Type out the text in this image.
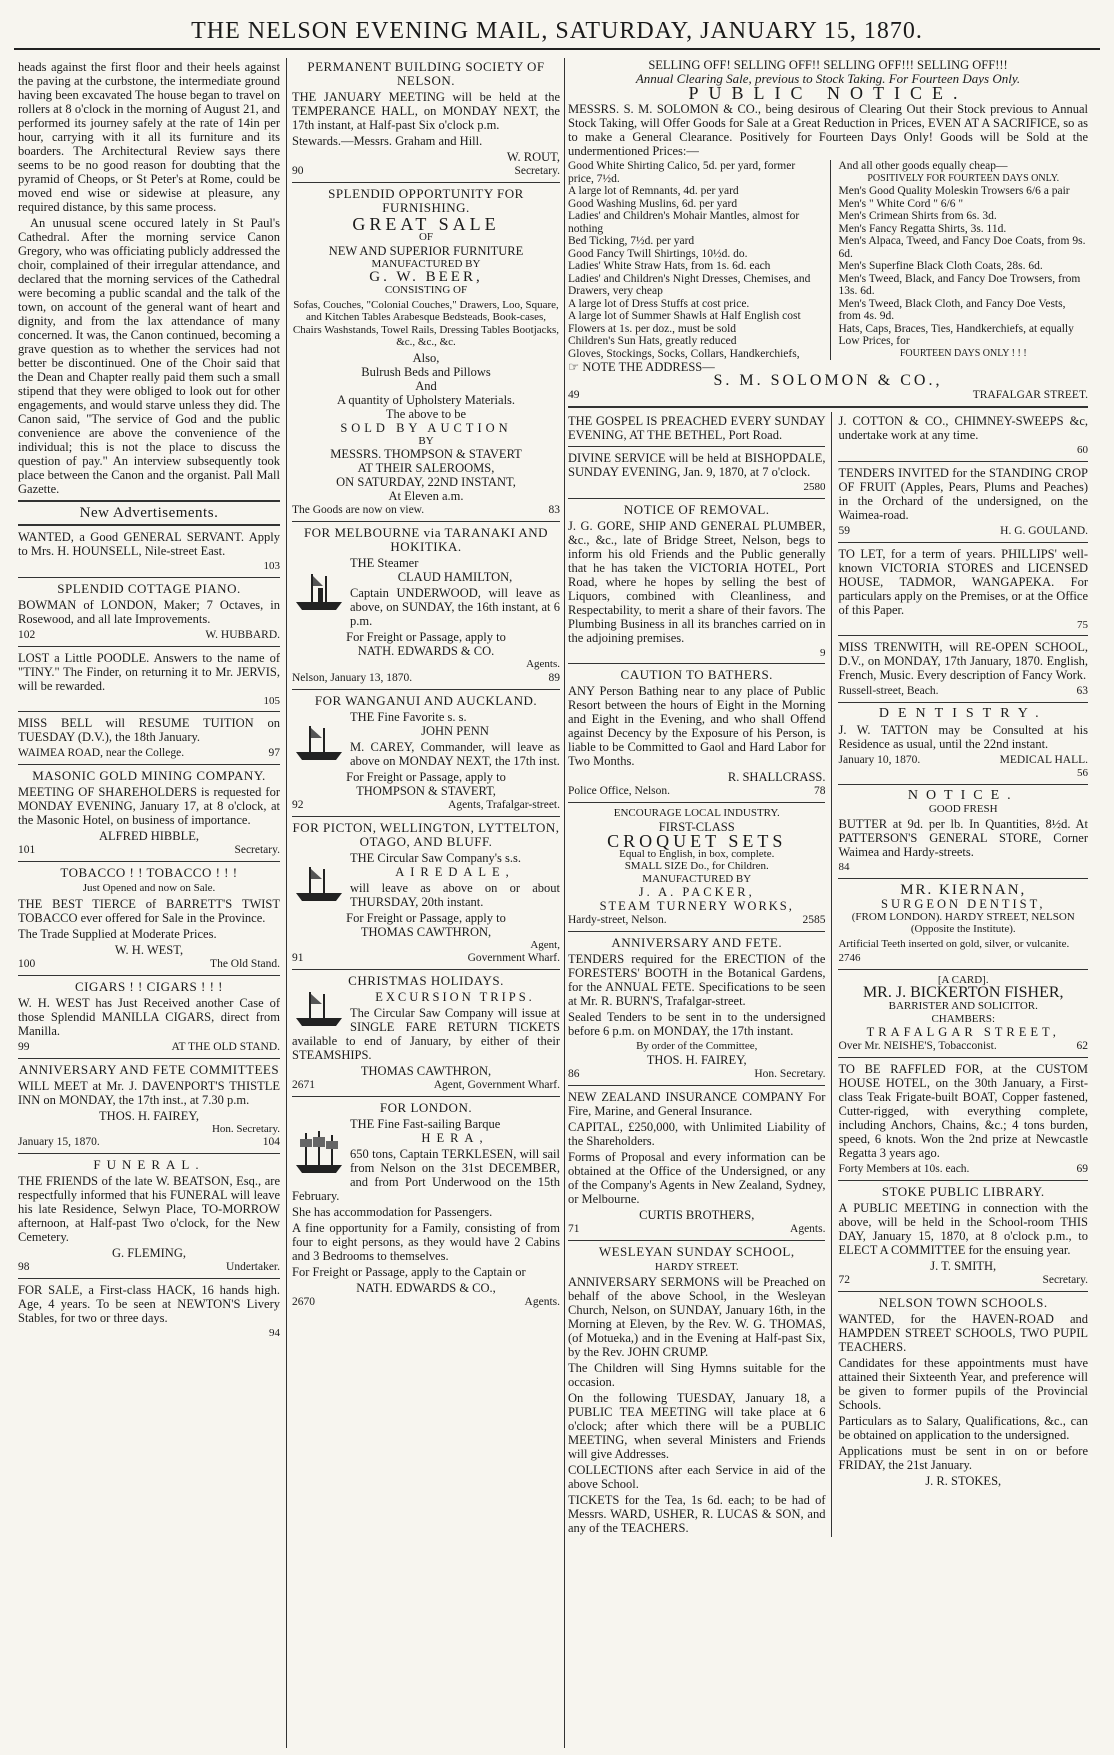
THE NELSON EVENING MAIL, SATURDAY, JANUARY 15, 1870.

heads against the first floor and their heels against the paving at the curbstone, the intermediate ground having been excavated The house began to travel on rollers at 8 o'clock in the morning of August 21, and performed its journey safely at the rate of 14in per hour, carrying with it all its furniture and its boarders. The Architectural Review says there seems to be no good reason for doubting that the pyramid of Cheops, or St Peter's at Rome, could be moved end wise or sidewise at pleasure, any required distance, by this same process.

An unusual scene occured lately in St Paul's Cathedral. After the morning service Canon Gregory, who was officiating publicly addressed the choir, complained of their irregular attendance, and declared that the morning services of the Cathedral were becoming a public scandal and the talk of the town, on account of the general want of heart and dignity, and from the lax attendance of many concerned. It was, the Canon continued, becoming a grave question as to whether the services had not better be discontinued. One of the Choir said that the Dean and Chapter really paid them such a small stipend that they were obliged to look out for other engagements, and would starve unless they did. The Canon said, "The service of God and the public convenience are above the convenience of the individual; this is not the place to discuss the question of pay." An interview subsequently took place between the Canon and the organist. Pall Mall Gazette.

New Advertisements.

WANTED, a Good GENERAL SERVANT. Apply to Mrs. H. HOUNSELL, Nile-street East.

103
SPLENDID COTTAGE PIANO.

BOWMAN of LONDON, Maker; 7 Octaves, in Rosewood, and all late Improvements.

102	W. HUBBARD.

LOST a Little POODLE. Answers to the name of "TINY." The Finder, on returning it to Mr. JERVIS, will be rewarded.

105

MISS BELL will RESUME TUITION on TUESDAY (D.V.), the 18th January.

WAIMEA ROAD, near the College.	97
MASONIC GOLD MINING COMPANY.

MEETING OF SHAREHOLDERS is requested for MONDAY EVENING, January 17, at 8 o'clock, at the Masonic Hotel, on business of importance.

ALFRED HIBBLE,
101	Secretary.
TOBACCO ! ! TOBACCO ! ! !
Just Opened and now on Sale.

THE BEST TIERCE of BARRETT'S TWIST TOBACCO ever offered for Sale in the Province.

The Trade Supplied at Moderate Prices.

W. H. WEST,
100	The Old Stand.
CIGARS ! ! CIGARS ! ! !

W. H. WEST has Just Received another Case of those Splendid MANILLA CIGARS, direct from Manilla.

99	AT THE OLD STAND.
ANNIVERSARY AND FETE COMMITTEES

WILL MEET at Mr. J. DAVENPORT'S THISTLE INN on MONDAY, the 17th inst., at 7.30 p.m.

THOS. H. FAIREY,
Hon. Secretary.
January 15, 1870.	104
FUNERAL.

THE FRIENDS of the late W. BEATSON, Esq., are respectfully informed that his FUNERAL will leave his late Residence, Selwyn Place, TO-MORROW afternoon, at Half-past Two o'clock, for the New Cemetery.

G. FLEMING,
98	Undertaker.

FOR SALE, a First-class HACK, 16 hands high. Age, 4 years. To be seen at NEWTON'S Livery Stables, for two or three days.

94
PERMANENT BUILDING SOCIETY OF NELSON.

THE JANUARY MEETING will be held at the TEMPERANCE HALL, on MONDAY NEXT, the 17th instant, at Half-past Six o'clock p.m.

Stewards.—Messrs. Graham and Hill.

W. ROUT,
90	Secretary.
SPLENDID OPPORTUNITY FOR FURNISHING.
GREAT SALE
OF
NEW AND SUPERIOR FURNITURE
MANUFACTURED BY
G. W. BEER,
CONSISTING OF

Sofas, Couches, "Colonial Couches," Drawers, Loo, Square, and Kitchen Tables Arabesque Bedsteads, Book-cases, Chairs Washstands, Towel Rails, Dressing Tables Bootjacks, &c., &c., &c.

Also,
Bulrush Beds and Pillows
And
A quantity of Upholstery Materials.
The above to be
SOLD BY AUCTION
BY
MESSRS. THOMPSON & STAVERT
AT THEIR SALEROOMS,
ON SATURDAY, 22ND INSTANT,
At Eleven a.m.
The Goods are now on view.	83
FOR MELBOURNE via TARANAKI AND HOKITIKA.
THE Steamer
CLAUD HAMILTON,

Captain UNDERWOOD, will leave as above, on SUNDAY, the 16th instant, at 6 p.m.

For Freight or Passage, apply to
NATH. EDWARDS & CO.
Agents.
Nelson, January 13, 1870.	89
FOR WANGANUI AND AUCKLAND.
THE Fine Favorite s. s.
JOHN PENN

M. CAREY, Commander, will leave as above on MONDAY NEXT, the 17th inst.

For Freight or Passage, apply to
THOMPSON & STAVERT,
92	Agents, Trafalgar-street.
FOR PICTON, WELLINGTON, LYTTELTON, OTAGO, AND BLUFF.
THE Circular Saw Company's s.s.
AIREDALE,

will leave as above on or about THURSDAY, 20th instant.

For Freight or Passage, apply to
THOMAS CAWTHRON,
Agent,
91	Government Wharf.
CHRISTMAS HOLIDAYS.
EXCURSION TRIPS.

The Circular Saw Company will issue at SINGLE FARE RETURN TICKETS available to end of January, by either of their STEAMSHIPS.

THOMAS CAWTHRON,
2671	Agent, Government Wharf.
FOR LONDON.
THE Fine Fast-sailing Barque
HERA,

650 tons, Captain TERKLESEN, will sail from Nelson on the 31st DECEMBER, and from Port Underwood on the 15th February.

She has accommodation for Passengers.

A fine opportunity for a Family, consisting of from four to eight persons, as they would have 2 Cabins and 3 Bedrooms to themselves.

For Freight or Passage, apply to the Captain or

NATH. EDWARDS & CO.,
2670	Agents.
SELLING OFF! SELLING OFF!! SELLING OFF!!! SELLING OFF!!!
Annual Clearing Sale, previous to Stock Taking. For Fourteen Days Only.
PUBLIC NOTICE.

MESSRS. S. M. SOLOMON & CO., being desirous of Clearing Out their Stock previous to Annual Stock Taking, will Offer Goods for Sale at a Great Reduction in Prices, EVEN AT A SACRIFICE, so as to make a General Clearance. Positively for Fourteen Days Only! Goods will be Sold at the undermentioned Prices:—

Good White Shirting Calico, 5d. per yard, former price, 7½d.
A large lot of Remnants, 4d. per yard
Good Washing Muslins, 6d. per yard
Ladies' and Children's Mohair Mantles, almost for nothing
Bed Ticking, 7½d. per yard
Good Fancy Twill Shirtings, 10½d. do.
Ladies' White Straw Hats, from 1s. 6d. each
Ladies' and Children's Night Dresses, Chemises, and Drawers, very cheap
A large lot of Dress Stuffs at cost price.
A large lot of Summer Shawls at Half English cost
Flowers at 1s. per doz., must be sold
Children's Sun Hats, greatly reduced
Gloves, Stockings, Socks, Collars, Handkerchiefs,
And all other goods equally cheap—
POSITIVELY FOR FOURTEEN DAYS ONLY.
Men's Good Quality Moleskin Trowsers 6/6 a pair
Men's " White Cord " 6/6 "
Men's Crimean Shirts from 6s. 3d.
Men's Fancy Regatta Shirts, 3s. 11d.
Men's Alpaca, Tweed, and Fancy Doe Coats, from 9s. 6d.
Men's Superfine Black Cloth Coats, 28s. 6d.
Men's Tweed, Black, and Fancy Doe Trowsers, from 13s. 6d.
Men's Tweed, Black Cloth, and Fancy Doe Vests, from 4s. 9d.
Hats, Caps, Braces, Ties, Handkerchiefs, at equally Low Prices, for
FOURTEEN DAYS ONLY ! ! !
☞ NOTE THE ADDRESS—
S. M. SOLOMON & CO.,
49	TRAFALGAR STREET.

THE GOSPEL IS PREACHED EVERY SUNDAY EVENING, AT THE BETHEL, Port Road.

DIVINE SERVICE will be held at BISHOPDALE, SUNDAY EVENING, Jan. 9, 1870, at 7 o'clock.

2580
NOTICE OF REMOVAL.

J. G. GORE, SHIP AND GENERAL PLUMBER, &c., &c., late of Bridge Street, Nelson, begs to inform his old Friends and the Public generally that he has taken the VICTORIA HOTEL, Port Road, where he hopes by selling the best of Liquors, combined with Cleanliness, and Respectability, to merit a share of their favors. The Plumbing Business in all its branches carried on in the adjoining premises.

9
CAUTION TO BATHERS.

ANY Person Bathing near to any place of Public Resort between the hours of Eight in the Morning and Eight in the Evening, and who shall Offend against Decency by the Exposure of his Person, is liable to be Committed to Gaol and Hard Labor for Two Months.

R. SHALLCRASS.
Police Office, Nelson.	78
ENCOURAGE LOCAL INDUSTRY.
FIRST-CLASS
CROQUET SETS
Equal to English, in box, complete.
SMALL SIZE Do., for Children.
MANUFACTURED BY
J. A. PACKER,
STEAM TURNERY WORKS,
Hardy-street, Nelson.	2585
ANNIVERSARY AND FETE.

TENDERS required for the ERECTION of the FORESTERS' BOOTH in the Botanical Gardens, for the ANNUAL FETE. Specifications to be seen at Mr. R. BURN'S, Trafalgar-street.

Sealed Tenders to be sent in to the undersigned before 6 p.m. on MONDAY, the 17th instant.

By order of the Committee,
THOS. H. FAIREY,
86	Hon. Secretary.

NEW ZEALAND INSURANCE COMPANY For Fire, Marine, and General Insurance.

CAPITAL, £250,000, with Unlimited Liability of the Shareholders.

Forms of Proposal and every information can be obtained at the Office of the Undersigned, or any of the Company's Agents in New Zealand, Sydney, or Melbourne.

CURTIS BROTHERS,
71	Agents.
WESLEYAN SUNDAY SCHOOL,
HARDY STREET.

ANNIVERSARY SERMONS will be Preached on behalf of the above School, in the Wesleyan Church, Nelson, on SUNDAY, January 16th, in the Morning at Eleven, by the Rev. W. G. THOMAS, (of Motueka,) and in the Evening at Half-past Six, by the Rev. JOHN CRUMP.

The Children will Sing Hymns suitable for the occasion.

On the following TUESDAY, January 18, a PUBLIC TEA MEETING will take place at 6 o'clock; after which there will be a PUBLIC MEETING, when several Ministers and Friends will give Addresses.

COLLECTIONS after each Service in aid of the above School.

TICKETS for the Tea, 1s 6d. each; to be had of Messrs. WARD, USHER, R. LUCAS & SON, and any of the TEACHERS.

J. COTTON & CO., CHIMNEY-SWEEPS &c, undertake work at any time.

60

TENDERS INVITED for the STANDING CROP OF FRUIT (Apples, Pears, Plums and Peaches) in the Orchard of the undersigned, on the Waimea-road.

59	H. G. GOULAND.

TO LET, for a term of years. PHILLIPS' well-known VICTORIA STORES and LICENSED HOUSE, TADMOR, WANGAPEKA. For particulars apply on the Premises, or at the Office of this Paper.

75

MISS TRENWITH, will RE-OPEN SCHOOL, D.V., on MONDAY, 17th January, 1870. English, French, Music. Every description of Fancy Work.

Russell-street, Beach.	63
DENTISTRY.

J. W. TATTON may be Consulted at his Residence as usual, until the 22nd instant.

January 10, 1870.	MEDICAL HALL.
56
NOTICE.
GOOD FRESH

BUTTER at 9d. per lb. In Quantities, 8½d. At PATTERSON'S GENERAL STORE, Corner Waimea and Hardy-streets.

84
MR. KIERNAN,
SURGEON DENTIST,
(FROM LONDON). HARDY STREET, NELSON (Opposite the Institute).

Artificial Teeth inserted on gold, silver, or vulcanite.

2746
[A CARD].
MR. J. BICKERTON FISHER,
BARRISTER AND SOLICITOR.
CHAMBERS:
TRAFALGAR STREET,
Over Mr. NEISHE'S, Tobacconist.	62

TO BE RAFFLED FOR, at the CUSTOM HOUSE HOTEL, on the 30th January, a First-class Teak Frigate-built BOAT, Copper fastened, Cutter-rigged, with everything complete, including Anchors, Chains, &c.; 4 tons burden, speed, 6 knots. Won the 2nd prize at Newcastle Regatta 3 years ago.

Forty Members at 10s. each.	69
STOKE PUBLIC LIBRARY.

A PUBLIC MEETING in connection with the above, will be held in the School-room THIS DAY, January 15, 1870, at 8 o'clock p.m., to ELECT A COMMITTEE for the ensuing year.

J. T. SMITH,
72	Secretary.
NELSON TOWN SCHOOLS.

WANTED, for the HAVEN-ROAD and HAMPDEN STREET SCHOOLS, TWO PUPIL TEACHERS.

Candidates for these appointments must have attained their Sixteenth Year, and preference will be given to former pupils of the Provincial Schools.

Particulars as to Salary, Qualifications, &c., can be obtained on application to the undersigned.

Applications must be sent in on or before FRIDAY, the 21st January.

J. R. STOKES,
